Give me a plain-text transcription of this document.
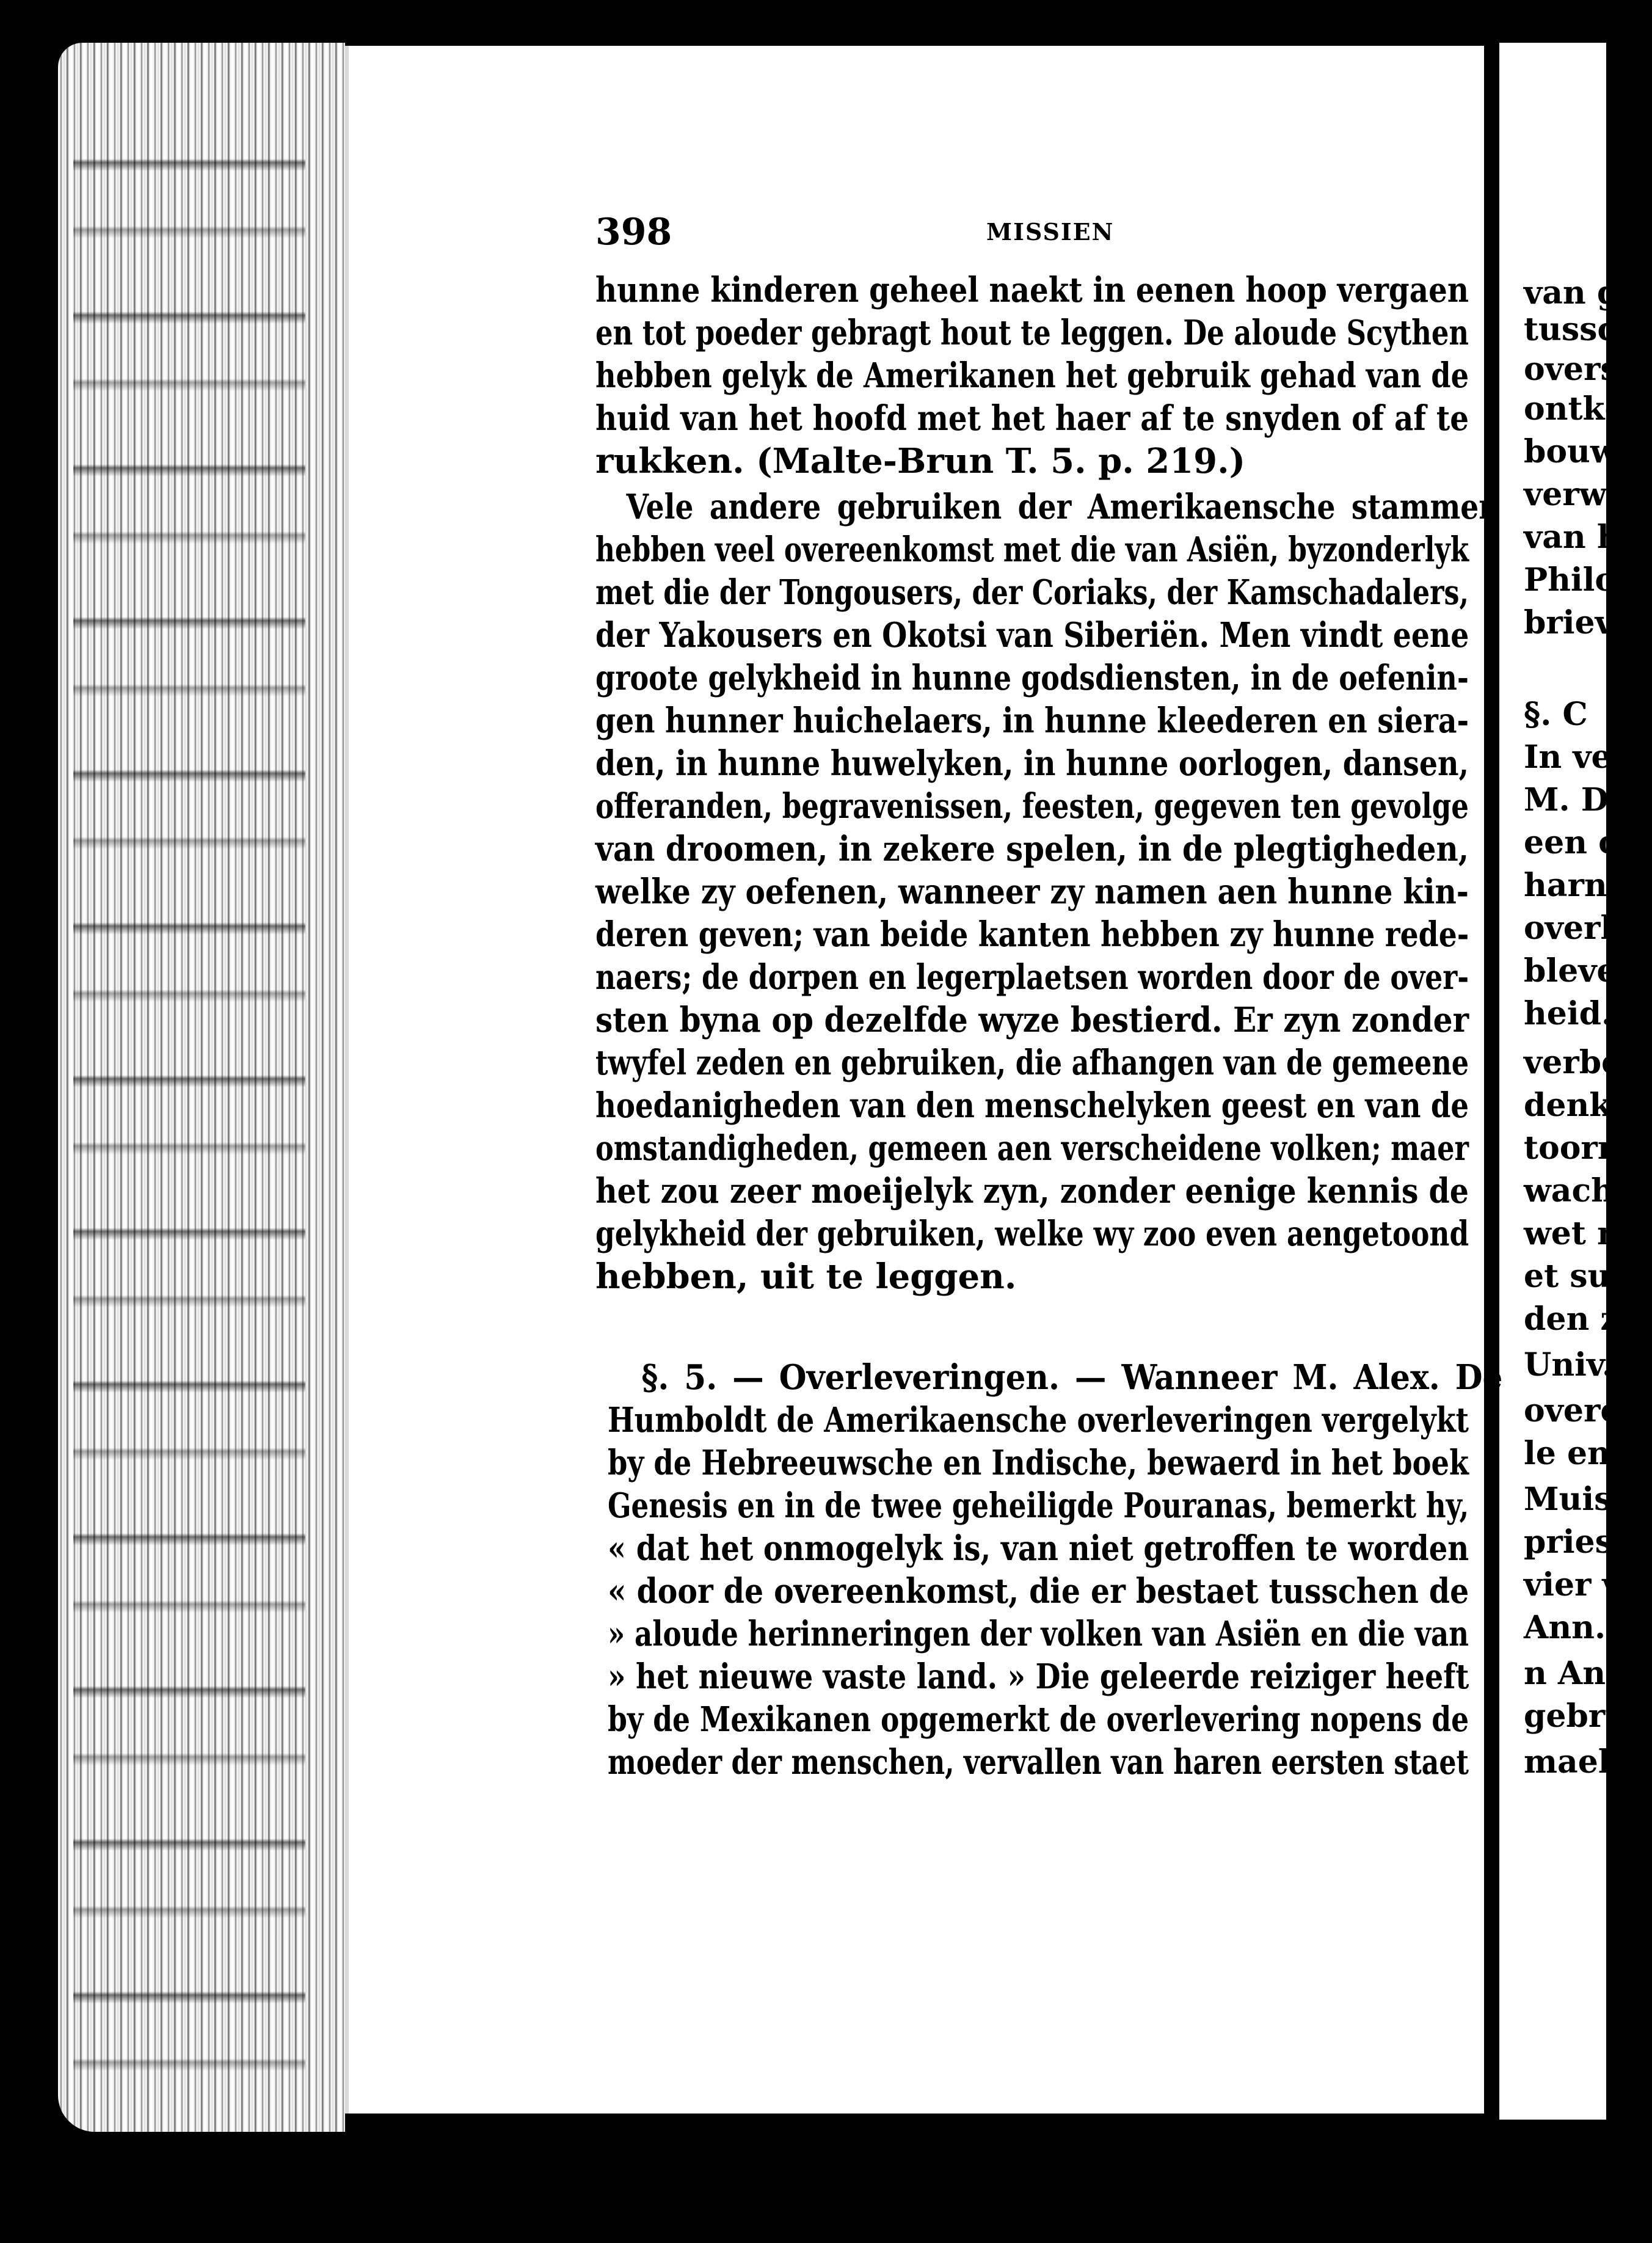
398	MISSIEN
hunne kinderen geheel naekt in eenen hoop vergaen
en tot poeder gebragt hout te leggen. De aloude Scythen
hebben gelyk de Amerikanen het gebruik gehad van de
huid van het hoofd met het haer af te snyden of af te
rukken. (Malte-Brun T. 5. p. 219.)
Vele andere gebruiken der Amerikaensche stammen
hebben veel overeenkomst met die van Asiën, byzonderlyk
met die der Tongousers, der Coriaks, der Kamschadalers,
der Yakousers en Okotsi van Siberiën. Men vindt eene
groote gelykheid in hunne godsdiensten, in de oefenin-
gen hunner huichelaers, in hunne kleederen en siera-
den, in hunne huwelyken, in hunne oorlogen, dansen,
offeranden, begravenissen, feesten, gegeven ten gevolge
van droomen, in zekere spelen, in de plegtigheden,
welke zy oefenen, wanneer zy namen aen hunne kin-
deren geven; van beide kanten hebben zy hunne rede-
naers; de dorpen en legerplaetsen worden door de over-
sten byna op dezelfde wyze bestierd. Er zyn zonder
twyfel zeden en gebruiken, die afhangen van de gemeene
hoedanigheden van den menschelyken geest en van de
omstandigheden, gemeen aen verscheidene volken; maer
het zou zeer moeijelyk zyn, zonder eenige kennis de
gelykheid der gebruiken, welke wy zoo even aengetoond
hebben, uit te leggen.
§. 5. — Overleveringen. — Wanneer M. Alex. De
Humboldt de Amerikaensche overleveringen vergelykt
by de Hebreeuwsche en Indische, bewaerd in het boek
Genesis en in de twee geheiligde Pouranas, bemerkt hy,
« dat het onmogelyk is, van niet getroffen te worden
« door de overeenkomst, die er bestaet tusschen de
» aloude herinneringen der volken van Asiën en die van
» het nieuwe vaste land. » Die geleerde reiziger heeft
by de Mexikanen opgemerkt de overlevering nopens de
moeder der menschen, vervallen van haren eersten staet
van g
tussch
overst
ontko
bouw
verwo
van h
Philos
brieve
§. C
In ve
M. De
een on
harna
overle
bleven
heid.
verbee
denkh
toorn
wacht
wet m
et suiv
den ze
Univ.
overee
le en
Muisca
prieste
vier ve
Ann.
n An
gebrui
maekt
